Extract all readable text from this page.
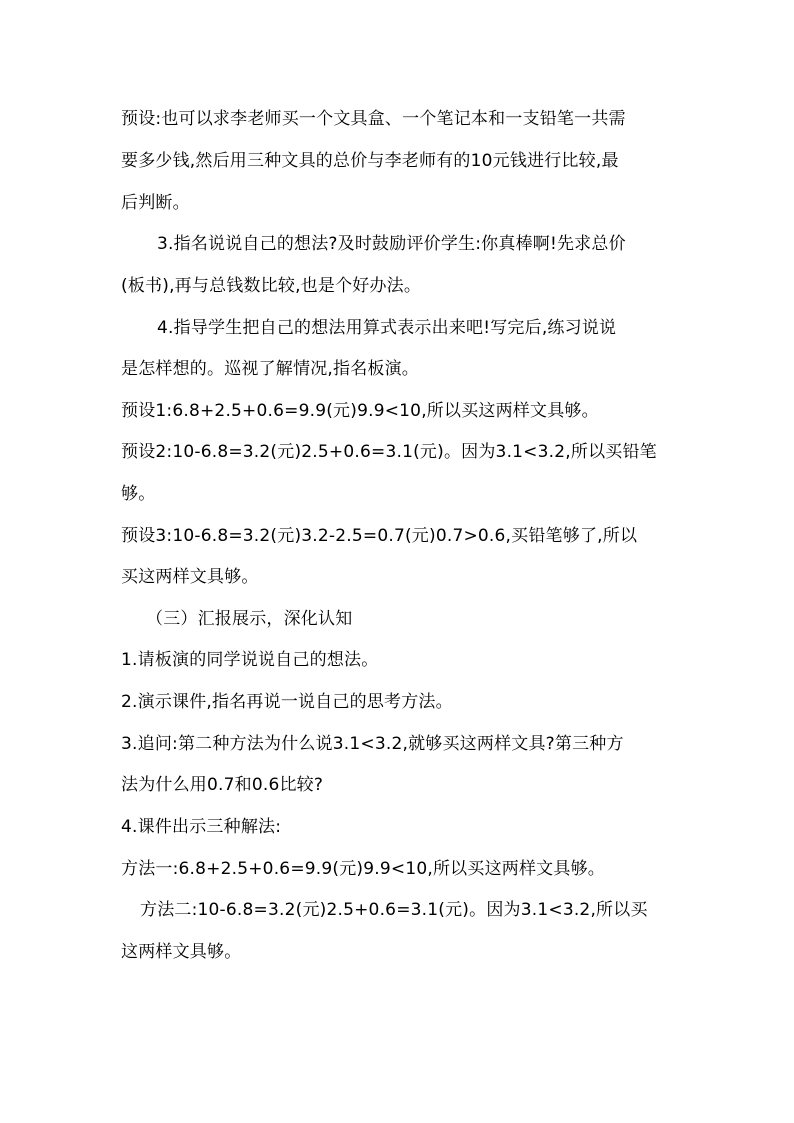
预设:也可以求李老师买一个文具盒、一个笔记本和一支铅笔一共需
要多少钱,然后用三种文具的总价与李老师有的10元钱进行比较,最
后判断。
3.指名说说自己的想法?及时鼓励评价学生:你真棒啊!先求总价
(板书),再与总钱数比较,也是个好办法。
4.指导学生把自己的想法用算式表示出来吧!写完后,练习说说
是怎样想的。巡视了解情况,指名板演。
预设1:6.8+2.5+0.6=9.9(元)9.9<10,所以买这两样文具够。
预设2:10-6.8=3.2(元)2.5+0.6=3.1(元)。因为3.1<3.2,所以买铅笔
够。
预设3:10-6.8=3.2(元)3.2-2.5=0.7(元)0.7>0.6,买铅笔够了,所以
买这两样文具够。
（三）汇报展示，深化认知
1.请板演的同学说说自己的想法。
2.演示课件,指名再说一说自己的思考方法。
3.追问:第二种方法为什么说3.1<3.2,就够买这两样文具?第三种方
法为什么用0.7和0.6比较?
4.课件出示三种解法:
方法一:6.8+2.5+0.6=9.9(元)9.9<10,所以买这两样文具够。
方法二:10-6.8=3.2(元)2.5+0.6=3.1(元)。因为3.1<3.2,所以买
这两样文具够。
